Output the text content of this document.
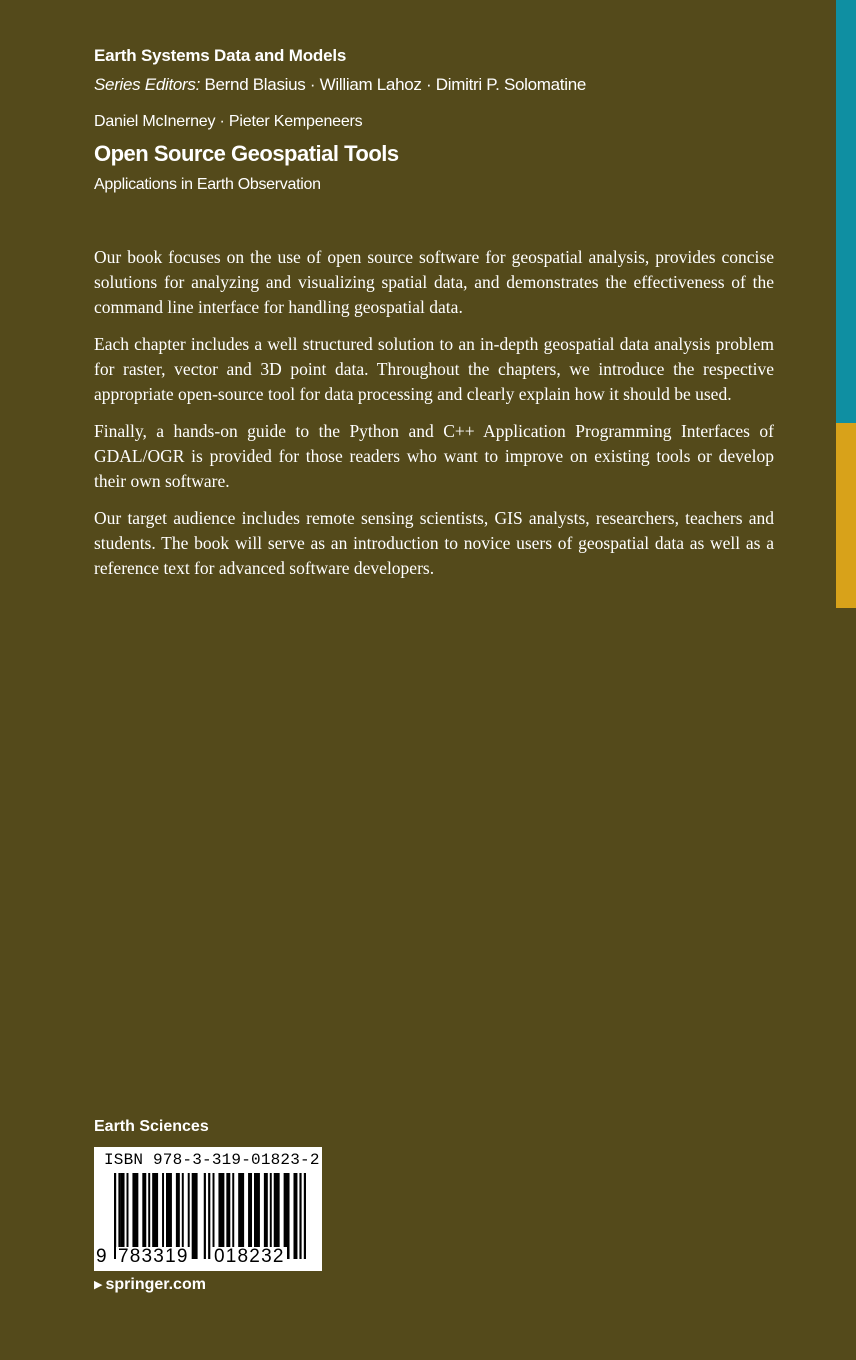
Earth Systems Data and Models
Series Editors: Bernd Blasius · William Lahoz · Dimitri P. Solomatine
Daniel McInerney · Pieter Kempeneers
Open Source Geospatial Tools
Applications in Earth Observation

Our book focuses on the use of open source software for geospatial analysis, provides concise solutions for analyzing and visualizing spatial data, and demonstrates the effectiveness of the command line interface for handling geospatial data.

Each chapter includes a well structured solution to an in-depth geospatial data analysis problem for raster, vector and 3D point data. Throughout the chapters, we introduce the respective appropriate open-source tool for data processing and clearly explain how it should be used.

Finally, a hands-on guide to the Python and C++ Application Programming Interfaces of GDAL/OGR is provided for those readers who want to improve on existing tools or develop their own software.

Our target audience includes remote sensing scientists, GIS analysts, researchers, teachers and students. The book will serve as an introduction to novice users of geospatial data as well as a reference text for advanced software developers.

Earth Sciences
ISBN 978-3-319-01823-2
9 783319 018232
▶ springer.com
